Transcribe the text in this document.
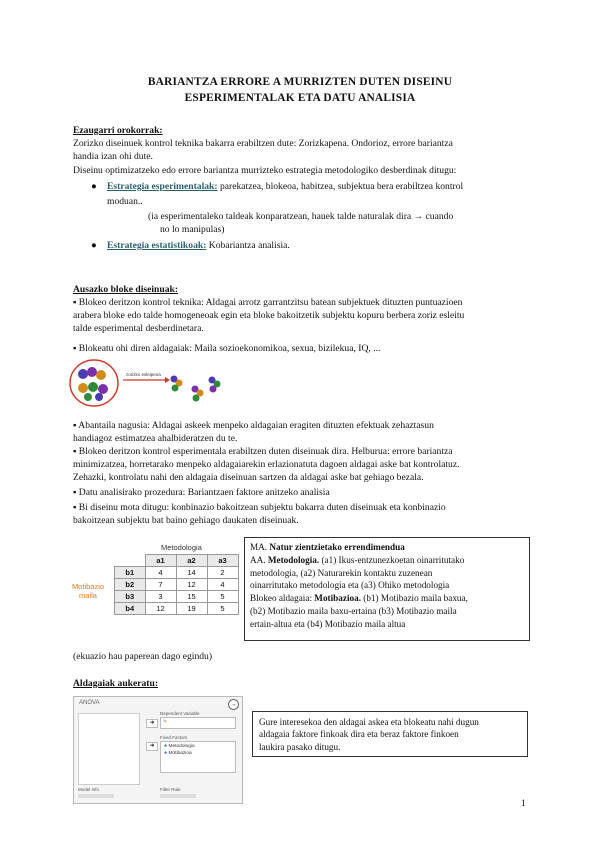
BARIANTZA ERRORE A MURRIZTEN DUTEN DISEINU
ESPERIMENTALAK ETA DATU ANALISIA
Ezaugarri orokorrak:
Zorizko diseinuek kontrol teknika bakarra erabiltzen dute: Zorizkapena. Ondorioz, errore bariantza
handia izan ohi dute.
Diseinu optimizatzeko edo errore bariantza murrizteko estrategia metodologiko desberdinak ditugu:
● Estrategia esperimentalak: parekatzea, blokeoa, habitzea, subjektua bera erabiltzea kontrol
moduan..
(ia esperimentaleko taldeak konparatzean, hauek talde naturalak dira → cuando
no lo manipulas)
● Estrategia estatistikoak: Kobariantza analisia.
Ausazko bloke diseinuak:
▪ Blokeo deritzon kontrol teknika: Aldagai arrotz garrantzitsu batean subjektuek dituzten puntuazioen
arabera bloke edo talde homogeneoak egin eta bloke bakoitzetik subjektu kopuru berbera zoriz esleitu
talde esperimental desberdinetara.
▪ Blokeatu ohi diren aldagaiak: Maila sozioekonomikoa, sexua, bizilekua, IQ, ...
zorizko esleipena
▪ Abantaila nagusia: Aldagai askeek menpeko aldagaian eragiten dituzten efektuak zehaztasun
handiagoz estimatzea ahalbideratzen du te.
▪ Blokeo deritzon kontrol esperimentala erabiltzen duten diseinuak dira. Helburua: errore bariantza
minimizatzea, horretarako menpeko aldagaiarekin erlazionatuta dagoen aldagai aske bat kontrolatuz.
Zehazki, kontrolatu nahi den aldagaia diseinuan sartzen da aldagai aske bat gehiago bezala.
▪ Datu analisirako prozedura: Bariantzaen faktore anitzeko analisia
▪ Bi diseinu mota ditugu: konbinazio bakoitzean subjektu bakarra duten diseinuak eta konbinazio
bakoitzean subjektu bat baino gehiago daukaten diseinuak.
Metodologia
Motibazio maila
	a1	a2	a3
b1	4	14	2
b2	7	12	4
b3	3	15	5
b4	12	19	5
MA. Natur zientzietako errendimendua
AA. Metodologia. (a1) Ikus-entzunezkoetan oinarritutako
metodologia, (a2) Naturarekin kontaktu zuzenean
oinarritutako metodologia eta (a3) Ohiko metodologia
Blokeo aldagaia: Motibazioa. (b1) Motibazio maila baxua,
(b2) Motibazio maila baxu-ertaina (b3) Motibazio maila
ertain-altua eta (b4) Motibazio maila altua
(ekuazio hau paperean dago egindu)
Aldagaiak aukeratu:
ANOVA	→
➜
Dependent Variable
✎
➜
Fixed Factors
♣ Metodologia
♣ Motibazioa
Model Info	Filter Rule
Gure interesekoa den aldagai askea eta blokeatu nahi dugun
aldagaia faktore finkoak dira eta beraz faktore finkoen
laukira pasako ditugu.
1
